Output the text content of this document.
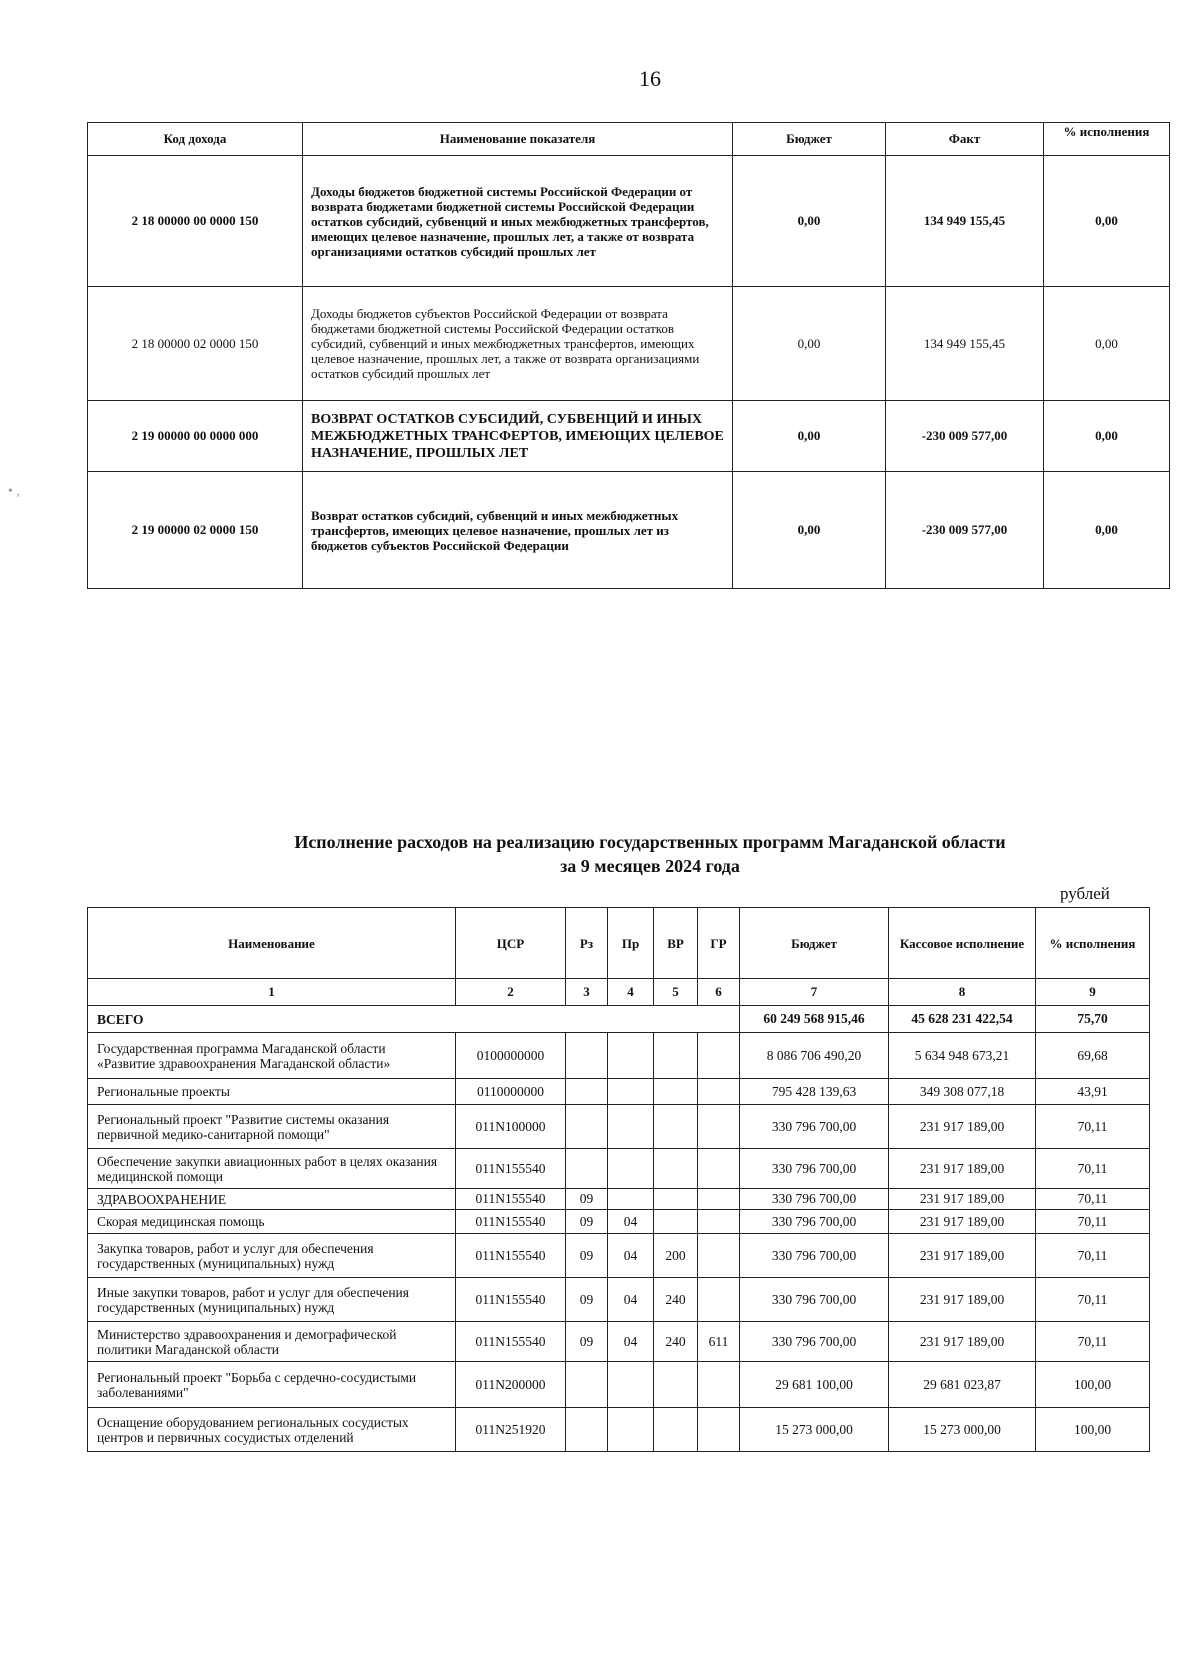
16
•​ ,
Код дохода	Наименование показателя	Бюджет	Факт	% исполнения

2 18 00000 00 0000 150	Доходы бюджетов бюджетной системы Российской Федерации от возврата бюджетами бюджетной системы Российской Федерации остатков субсидий, субвенций и иных межбюджетных трансфертов, имеющих целевое назначение, прошлых лет, а также от возврата организациями остатков субсидий прошлых лет	0,00	134 949 155,45	0,00
2 18 00000 02 0000 150	Доходы бюджетов субъектов Российской Федерации от возврата бюджетами бюджетной системы Российской Федерации остатков субсидий, субвенций и иных межбюджетных трансфертов, имеющих целевое назначение, прошлых лет, а также от возврата организациями остатков субсидий прошлых лет	0,00	134 949 155,45	0,00
2 19 00000 00 0000 000	ВОЗВРАТ ОСТАТКОВ СУБСИДИЙ, СУБВЕНЦИЙ И ИНЫХ МЕЖБЮДЖЕТНЫХ ТРАНСФЕРТОВ, ИМЕЮЩИХ ЦЕЛЕВОЕ НАЗНАЧЕНИЕ, ПРОШЛЫХ ЛЕТ	0,00	-230 009 577,00	0,00
2 19 00000 02 0000 150	Возврат остатков субсидий, субвенций и иных межбюджетных трансфертов, имеющих целевое назначение, прошлых лет из бюджетов субъектов Российской Федерации	0,00	-230 009 577,00	0,00
Исполнение расходов на реализацию государственных программ Магаданской области
за 9 месяцев 2024 года
рублей
Наименование	ЦСР	Рз	Пр	ВР	ГР	Бюджет	Кассовое исполнение	% исполнения
1	2	3	4	5	6	7	8	9
ВСЕГО						60 249 568 915,46	45 628 231 422,54	75,70
Государственная программа Магаданской области «Развитие здравоохранения Магаданской области»	0100000000					8 086 706 490,20	5 634 948 673,21	69,68
Региональные проекты	0110000000					795 428 139,63	349 308 077,18	43,91
Региональный проект "Развитие системы оказания первичной медико-санитарной помощи"	011N100000					330 796 700,00	231 917 189,00	70,11
Обеспечение закупки авиационных работ в целях оказания медицинской помощи	011N155540					330 796 700,00	231 917 189,00	70,11
ЗДРАВООХРАНЕНИЕ	011N155540	09				330 796 700,00	231 917 189,00	70,11
Скорая медицинская помощь	011N155540	09	04			330 796 700,00	231 917 189,00	70,11
Закупка товаров, работ и услуг для обеспечения государственных (муниципальных) нужд	011N155540	09	04	200		330 796 700,00	231 917 189,00	70,11
Иные закупки товаров, работ и услуг для обеспечения государственных (муниципальных) нужд	011N155540	09	04	240		330 796 700,00	231 917 189,00	70,11
Министерство здравоохранения и демографической политики Магаданской области	011N155540	09	04	240	611	330 796 700,00	231 917 189,00	70,11
Региональный проект "Борьба с сердечно-сосудистыми заболеваниями"	011N200000					29 681 100,00	29 681 023,87	100,00
Оснащение оборудованием региональных сосудистых центров и первичных сосудистых отделений	011N251920					15 273 000,00	15 273 000,00	100,00
